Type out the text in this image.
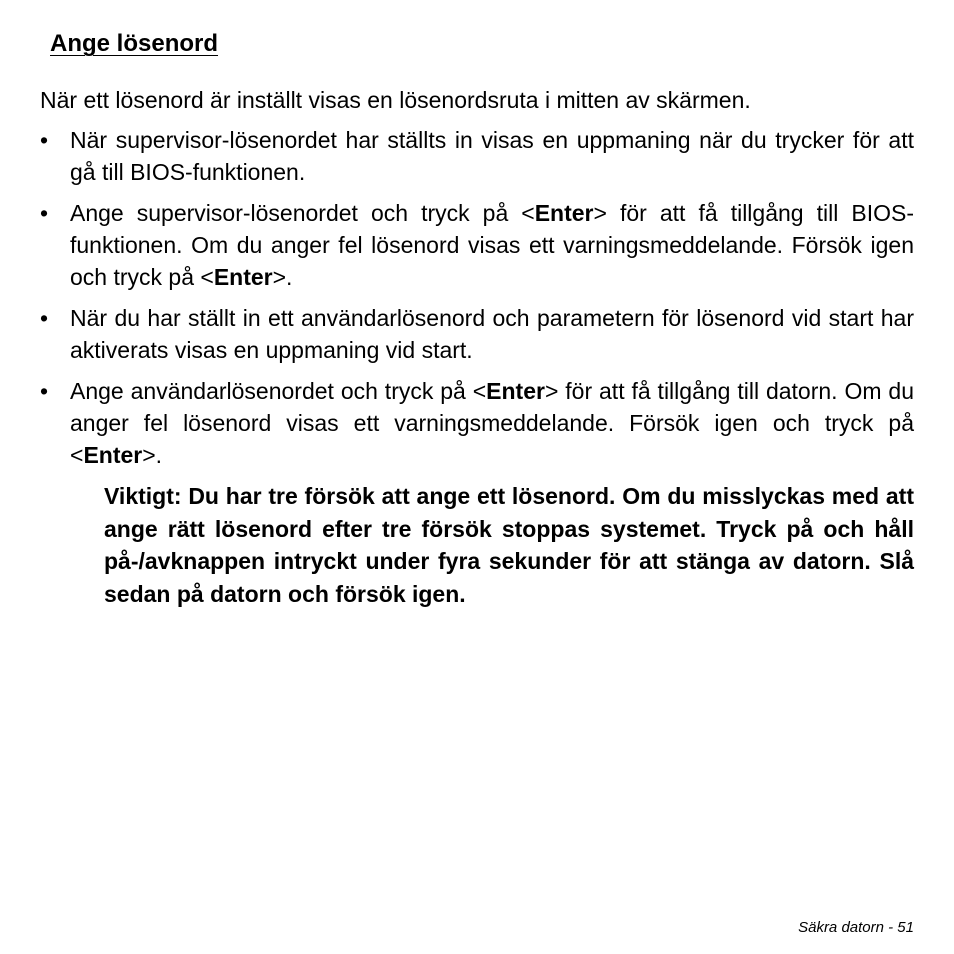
Ange lösenord

När ett lösenord är inställt visas en lösenordsruta i mitten av skärmen.

• När supervisor-lösenordet har ställts in visas en uppmaning när du trycker för att gå till BIOS-funktionen.
• Ange supervisor-lösenordet och tryck på <Enter> för att få tillgång till BIOS-funktionen. Om du anger fel lösenord visas ett varningsmeddelande. Försök igen och tryck på <Enter>.
• När du har ställt in ett användarlösenord och parametern för lösenord vid start har aktiverats visas en uppmaning vid start.
• Ange användarlösenordet och tryck på <Enter> för att få tillgång till datorn. Om du anger fel lösenord visas ett varningsmeddelande. Försök igen och tryck på <Enter>.

Viktigt: Du har tre försök att ange ett lösenord. Om du misslyckas med att ange rätt lösenord efter tre försök stoppas systemet. Tryck på och håll på-/avknappen intryckt under fyra sekunder för att stänga av datorn. Slå sedan på datorn och försök igen.

Säkra datorn - 51
